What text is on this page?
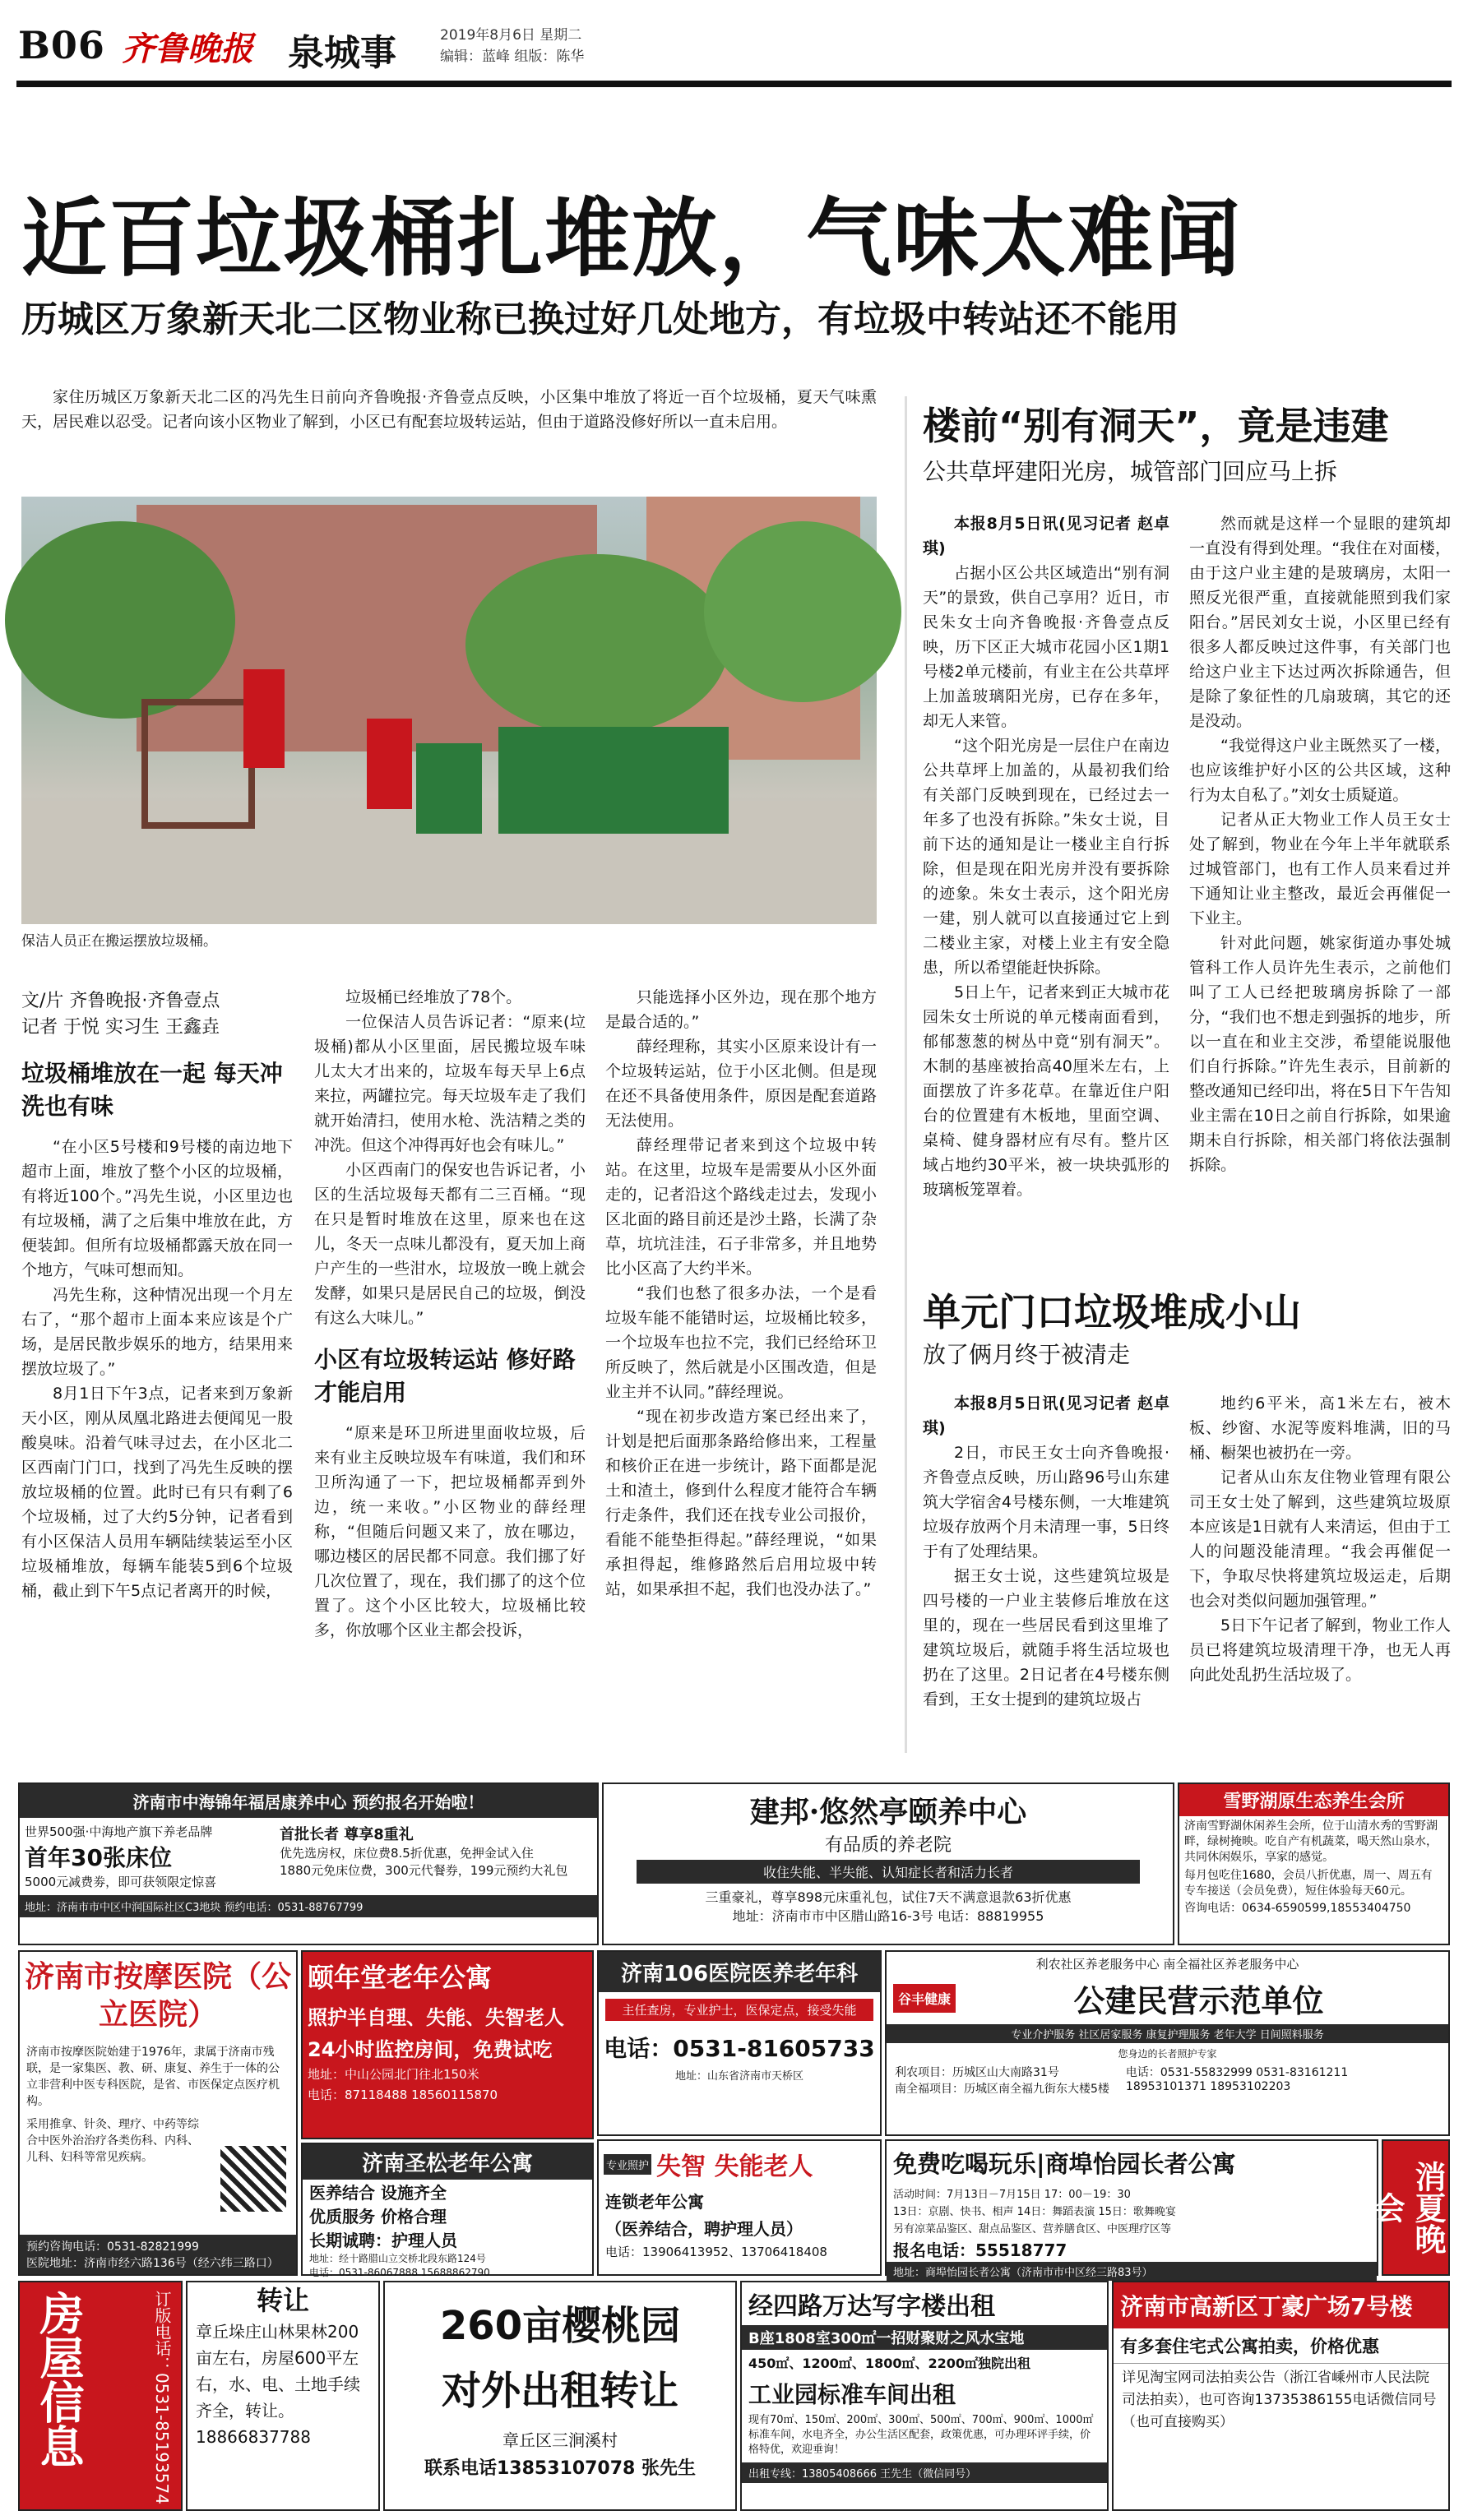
B06 齐鲁晚报 泉城事	2019年8月6日 星期二
编辑：蓝峰 组版：陈华
近百垃圾桶扎堆放，气味太难闻
历城区万象新天北二区物业称已换过好几处地方，有垃圾中转站还不能用

家住历城区万象新天北二区的冯先生日前向齐鲁晚报·齐鲁壹点反映，小区集中堆放了将近一百个垃圾桶，夏天气味熏天，居民难以忍受。记者向该小区物业了解到，小区已有配套垃圾转运站，但由于道路没修好所以一直未启用。

保洁人员正在搬运摆放垃圾桶。
文/片 齐鲁晚报·齐鲁壹点
记者 于悦 实习生 王鑫垚
垃圾桶堆放在一起 每天冲洗也有味

“在小区5号楼和9号楼的南边地下超市上面，堆放了整个小区的垃圾桶，有将近100个。”冯先生说，小区里边也有垃圾桶，满了之后集中堆放在此，方便装卸。但所有垃圾桶都露天放在同一个地方，气味可想而知。

冯先生称，这种情况出现一个月左右了，“那个超市上面本来应该是个广场，是居民散步娱乐的地方，结果用来摆放垃圾了。”

8月1日下午3点，记者来到万象新天小区，刚从凤凰北路进去便闻见一股酸臭味。沿着气味寻过去，在小区北二区西南门门口，找到了冯先生反映的摆放垃圾桶的位置。此时已有只有剩了6个垃圾桶，过了大约5分钟，记者看到有小区保洁人员用车辆陆续装运至小区垃圾桶堆放，每辆车能装5到6个垃圾桶，截止到下午5点记者离开的时候，

垃圾桶已经堆放了78个。

一位保洁人员告诉记者：“原来(垃圾桶)都从小区里面，居民搬垃圾车味儿太大才出来的，垃圾车每天早上6点来拉，两罐拉完。每天垃圾车走了我们就开始清扫，使用水枪、洗洁精之类的冲洗。但这个冲得再好也会有味儿。”

小区西南门的保安也告诉记者，小区的生活垃圾每天都有二三百桶。“现在只是暂时堆放在这里，原来也在这儿，冬天一点味儿都没有，夏天加上商户产生的一些泔水，垃圾放一晚上就会发酵，如果只是居民自己的垃圾，倒没有这么大味儿。”

小区有垃圾转运站 修好路才能启用

“原来是环卫所进里面收垃圾，后来有业主反映垃圾车有味道，我们和环卫所沟通了一下，把垃圾桶都弄到外边，统一来收。”小区物业的薛经理称，“但随后问题又来了，放在哪边，哪边楼区的居民都不同意。我们挪了好几次位置了，现在，我们挪了的这个位置了。这个小区比较大，垃圾桶比较多，你放哪个区业主都会投诉，

只能选择小区外边，现在那个地方是最合适的。”

薛经理称，其实小区原来设计有一个垃圾转运站，位于小区北侧。但是现在还不具备使用条件，原因是配套道路无法使用。

薛经理带记者来到这个垃圾中转站。在这里，垃圾车是需要从小区外面走的，记者沿这个路线走过去，发现小区北面的路目前还是沙土路，长满了杂草，坑坑洼洼，石子非常多，并且地势比小区高了大约半米。

“我们也愁了很多办法，一个是看垃圾车能不能错时运，垃圾桶比较多，一个垃圾车也拉不完，我们已经给环卫所反映了，然后就是小区围改造，但是业主并不认同。”薛经理说。

“现在初步改造方案已经出来了，计划是把后面那条路给修出来，工程量和核价正在进一步统计，路下面都是泥土和渣土，修到什么程度才能符合车辆行走条件，我们还在找专业公司报价，看能不能垫拒得起。”薛经理说，“如果承担得起，维修路然后启用垃圾中转站，如果承担不起，我们也没办法了。”

楼前“别有洞天”，竟是违建
公共草坪建阳光房，城管部门回应马上拆

本报8月5日讯(见习记者 赵卓琪)

占据小区公共区域造出“别有洞天”的景致，供自己享用？近日，市民朱女士向齐鲁晚报·齐鲁壹点反映，历下区正大城市花园小区1期1号楼2单元楼前，有业主在公共草坪上加盖玻璃阳光房，已存在多年，却无人来管。

“这个阳光房是一层住户在南边公共草坪上加盖的，从最初我们给有关部门反映到现在，已经过去一年多了也没有拆除。”朱女士说，目前下达的通知是让一楼业主自行拆除，但是现在阳光房并没有要拆除的迹象。朱女士表示，这个阳光房一建，别人就可以直接通过它上到二楼业主家，对楼上业主有安全隐患，所以希望能赶快拆除。

5日上午，记者来到正大城市花园朱女士所说的单元楼南面看到，郁郁葱葱的树丛中竟“别有洞天”。木制的基座被抬高40厘米左右，上面摆放了许多花草。在靠近住户阳台的位置建有木板地，里面空调、桌椅、健身器材应有尽有。整片区域占地约30平米，被一块块弧形的玻璃板笼罩着。

然而就是这样一个显眼的建筑却一直没有得到处理。“我住在对面楼，由于这户业主建的是玻璃房，太阳一照反光很严重，直接就能照到我们家阳台。”居民刘女士说，小区里已经有很多人都反映过这件事，有关部门也给这户业主下达过两次拆除通告，但是除了象征性的几扇玻璃，其它的还是没动。

“我觉得这户业主既然买了一楼，也应该维护好小区的公共区域，这种行为太自私了。”刘女士质疑道。

记者从正大物业工作人员王女士处了解到，物业在今年上半年就联系过城管部门，也有工作人员来看过并下通知让业主整改，最近会再催促一下业主。

针对此问题，姚家街道办事处城管科工作人员许先生表示，之前他们叫了工人已经把玻璃房拆除了一部分，“我们也不想走到强拆的地步，所以一直在和业主交涉，希望能说服他们自行拆除。”许先生表示，目前新的整改通知已经印出，将在5日下午告知业主需在10日之前自行拆除，如果逾期未自行拆除，相关部门将依法强制拆除。

单元门口垃圾堆成小山
放了俩月终于被清走

本报8月5日讯(见习记者 赵卓琪)

2日，市民王女士向齐鲁晚报·齐鲁壹点反映，历山路96号山东建筑大学宿舍4号楼东侧，一大堆建筑垃圾存放两个月未清理一事，5日终于有了处理结果。

据王女士说，这些建筑垃圾是四号楼的一户业主装修后堆放在这里的，现在一些居民看到这里堆了建筑垃圾后，就随手将生活垃圾也扔在了这里。2日记者在4号楼东侧看到，王女士提到的建筑垃圾占

地约6平米，高1米左右，被木板、纱窗、水泥等废料堆满，旧的马桶、橱架也被扔在一旁。

记者从山东友住物业管理有限公司王女士处了解到，这些建筑垃圾原本应该是1日就有人来清运，但由于工人的问题没能清理。“我会再催促一下，争取尽快将建筑垃圾运走，后期也会对类似问题加强管理。”

5日下午记者了解到，物业工作人员已将建筑垃圾清理干净，也无人再向此处乱扔生活垃圾了。

济南市中海锦年福居康养中心 预约报名开始啦！
世界500强·中海地产旗下养老品牌
首年30张床位
5000元减费劵，即可获领限定惊喜
首批长者 尊享8重礼
优先选房权，床位费8.5折优惠，免押金试入住
1880元免床位费，300元代餐券，199元预约大礼包
地址：济南市市中区中润国际社区C3地块 预约电话：0531-88767799
建邦·悠然亭颐养中心
有品质的养老院
收住失能、半失能、认知症长者和活力长者
三重豪礼，尊享898元床重礼包，试住7天不满意退款63折优惠
地址：济南市市中区腊山路16-3号 电话：88819955
雪野湖原生态养生会所
济南雪野湖休闲养生会所，位于山清水秀的雪野湖畔，绿树掩映。吃自产有机蔬菜，喝天然山泉水，共同休闲娱乐，享家的感觉。
每月包吃住1680，会员八折优惠，周一、周五有专车接送（会员免费），短住体验每天60元。
咨询电话：0634-6590599,18553404750
济南市按摩医院（公立医院）
济南市按摩医院始建于1976年，隶属于济南市残联，是一家集医、教、研、康复、养生于一体的公立非营利中医专科医院，是省、市医保定点医疗机构。
采用推拿、针灸、理疗、中药等综合中医外治治疗各类伤科、内科、儿科、妇科等常见疾病。
预约咨询电话：0531-82821999
医院地址：济南市经六路136号（经六纬三路口）
颐年堂老年公寓
照护半自理、失能、失智老人
24小时监控房间，免费试吃
地址：中山公园北门往北150米
电话：87118488 18560115870
济南圣松老年公寓
医养结合 设施齐全
优质服务 价格合理
长期诚聘：护理人员
地址：经十路腊山立交桥北段东路124号
电话：0531-86067888 15688862790
济南106医院医养老年科
主任查房，专业护士，医保定点，接受失能
电话：0531-81605733
地址：山东省济南市天桥区
利农社区养老服务中心 南全福社区养老服务中心
谷丰健康	公建民营示范单位
专业介护服务 社区居家服务 康复护理服务 老年大学 日间照料服务
您身边的长者照护专家
利农项目：历城区山大南路31号
南全福项目：历城区南全福九街东大楼5楼
电话：0531-55832999 0531-83161211
18953101371 18953102203
专业照护 失智 失能老人
连锁老年公寓
（医养结合，聘护理人员）
电话：13906413952、13706418408
免费吃喝玩乐|商埠怡园长者公寓
活动时间：7月13日－7月15日 17：00－19：30
13日：京剧、快书、相声 14日：舞蹈表演 15日：歌舞晚宴
另有凉菜品鉴区、甜点品鉴区、营养膳食区、中医理疗区等
报名电话：55518777
地址：商埠怡园长者公寓（济南市市中区经三路83号）
消夏晚会
房屋信息	订版电话：0531-85193574	转让
章丘垛庄山林果林200亩左右，房屋600平左右，水、电、土地手续齐全，转让。
18866837788
260亩樱桃园
对外出租转让
章丘区三涧溪村
联系电话13853107078 张先生
经四路万达写字楼出租
B座1808室300㎡一招财聚财之风水宝地
450㎡、1200㎡、1800㎡、2200㎡独院出租
工业园标准车间出租
现有70㎡、150㎡、200㎡、300㎡、500㎡、700㎡、900㎡、1000㎡标准车间，水电齐全，办公生活区配套，政策优惠，可办理环评手续，价格特优，欢迎垂询！
出租专线：13805408666 王先生（微信同号）
济南市高新区丁豪广场7号楼
有多套住宅式公寓拍卖，价格优惠
详见淘宝网司法拍卖公告（浙江省嵊州市人民法院司法拍卖），也可咨询13735386155电话微信同号（也可直接购买）
